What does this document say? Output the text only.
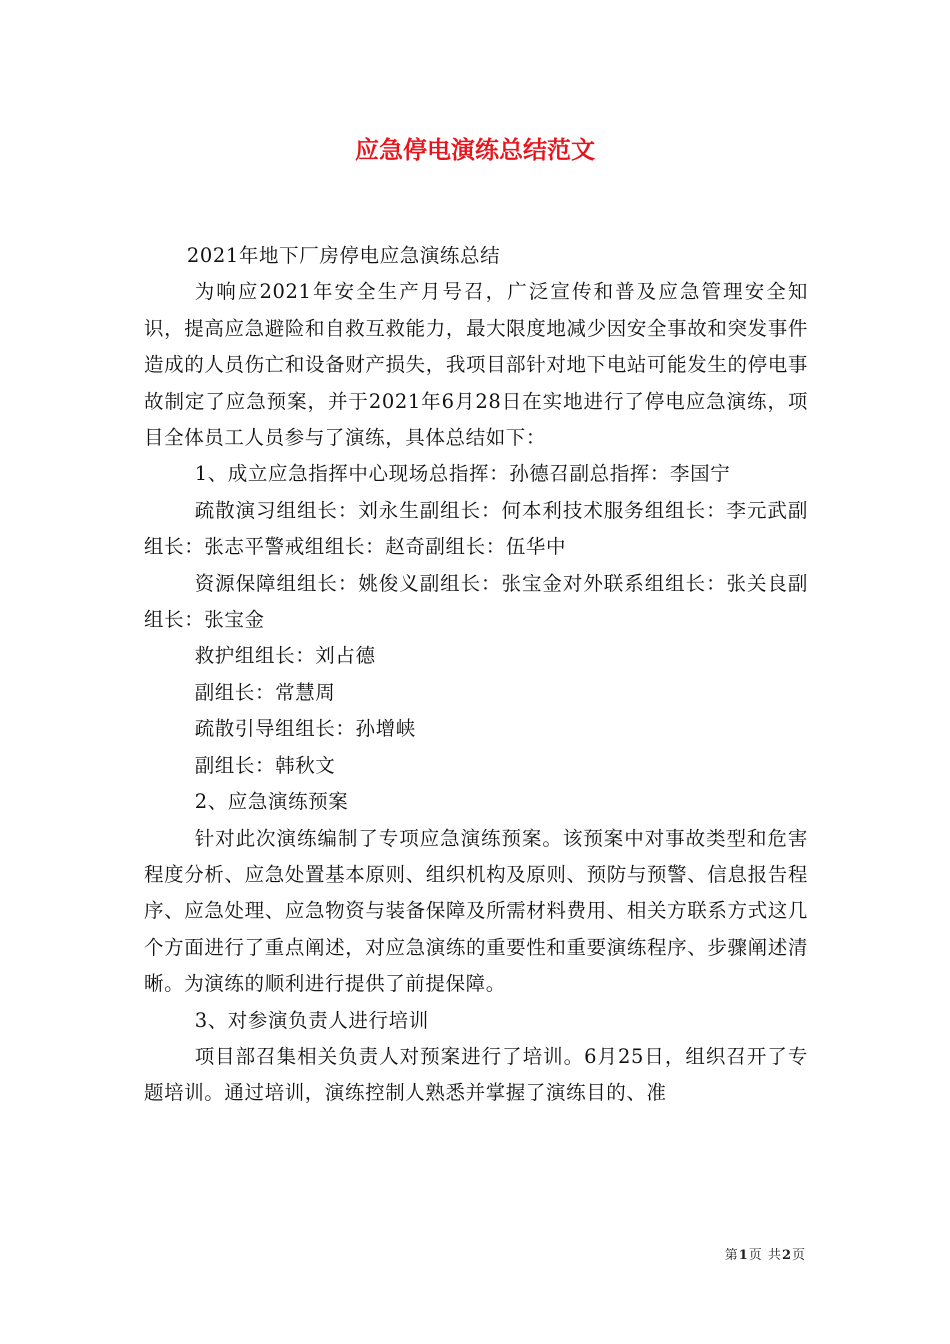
应急停电演练总结范文

2021年地下厂房停电应急演练总结

为响应2021年安全生产月号召，广泛宣传和普及应急管理安全知识，提高应急避险和自救互救能力，最大限度地减少因安全事故和突发事件造成的人员伤亡和设备财产损失，我项目部针对地下电站可能发生的停电事故制定了应急预案，并于2021年6月28日在实地进行了停电应急演练，项目全体员工人员参与了演练，具体总结如下：

1、成立应急指挥中心现场总指挥：孙德召副总指挥：李国宁

疏散演习组组长：刘永生副组长：何本利技术服务组组长：李元武副组长：张志平警戒组组长：赵奇副组长：伍华中

资源保障组组长：姚俊义副组长：张宝金对外联系组组长：张关良副组长：张宝金

救护组组长：刘占德

副组长：常慧周

疏散引导组组长：孙增峡

副组长：韩秋文

2、应急演练预案

针对此次演练编制了专项应急演练预案。该预案中对事故类型和危害程度分析、应急处置基本原则、组织机构及原则、预防与预警、信息报告程序、应急处理、应急物资与装备保障及所需材料费用、相关方联系方式这几个方面进行了重点阐述，对应急演练的重要性和重要演练程序、步骤阐述清晰。为演练的顺利进行提供了前提保障。

3、对参演负责人进行培训

项目部召集相关负责人对预案进行了培训。6月25日，组织召开了专题培训。通过培训，演练控制人熟悉并掌握了演练目的、准

第1页 共2页
